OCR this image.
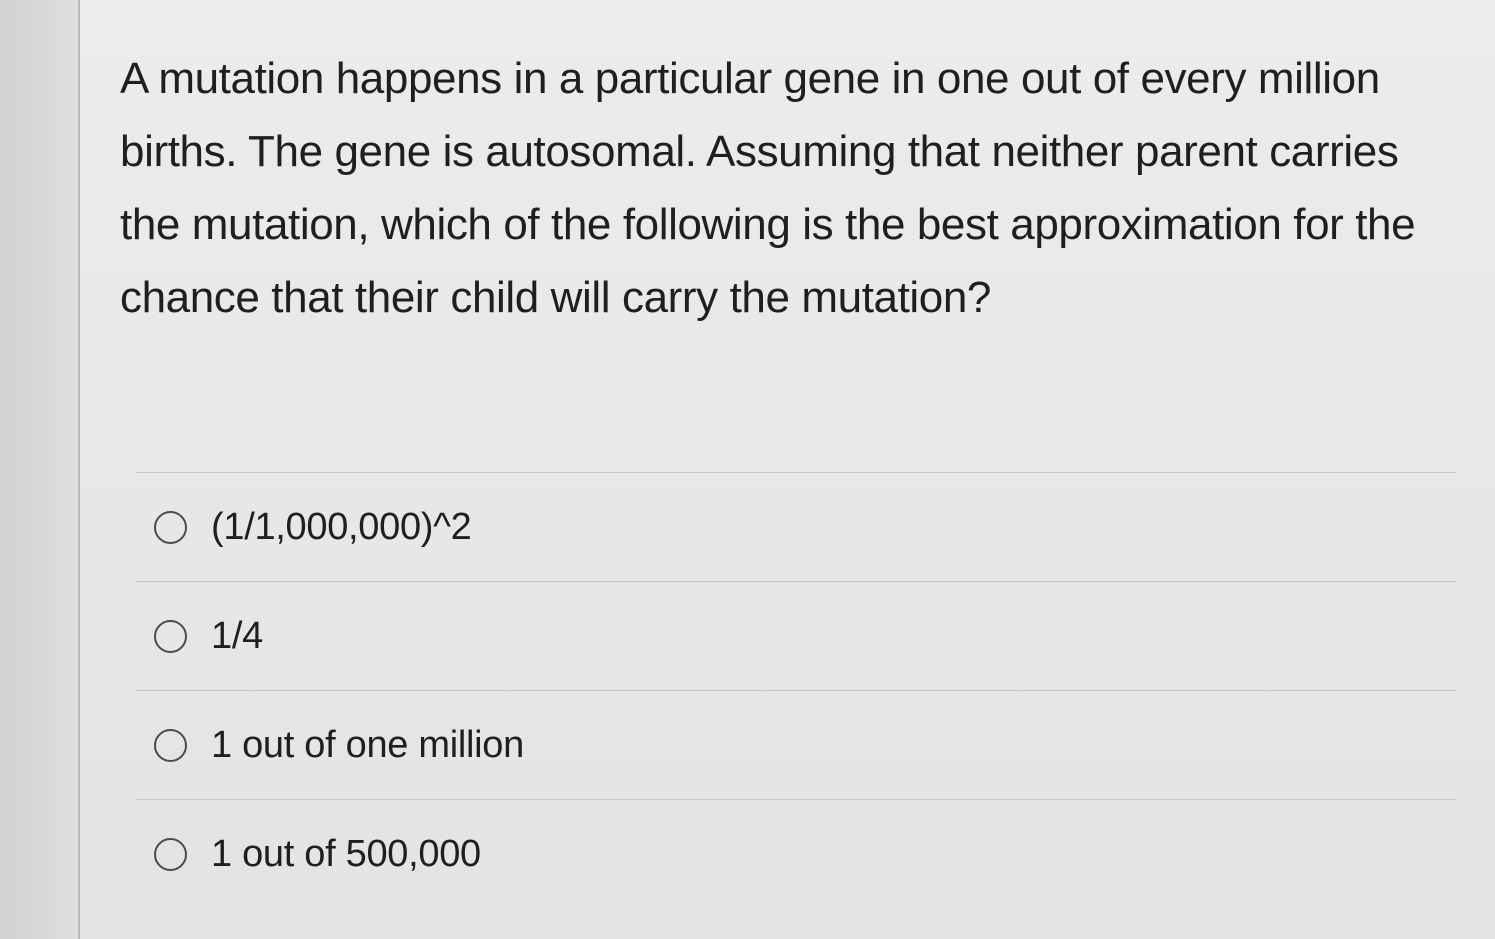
A mutation happens in a particular gene in one out of every million births. The gene is autosomal. Assuming that neither parent carries the mutation, which of the following is the best approximation for the chance that their child will carry the mutation?

(1/1,000,000)^2
1/4
1 out of one million
1 out of 500,000
